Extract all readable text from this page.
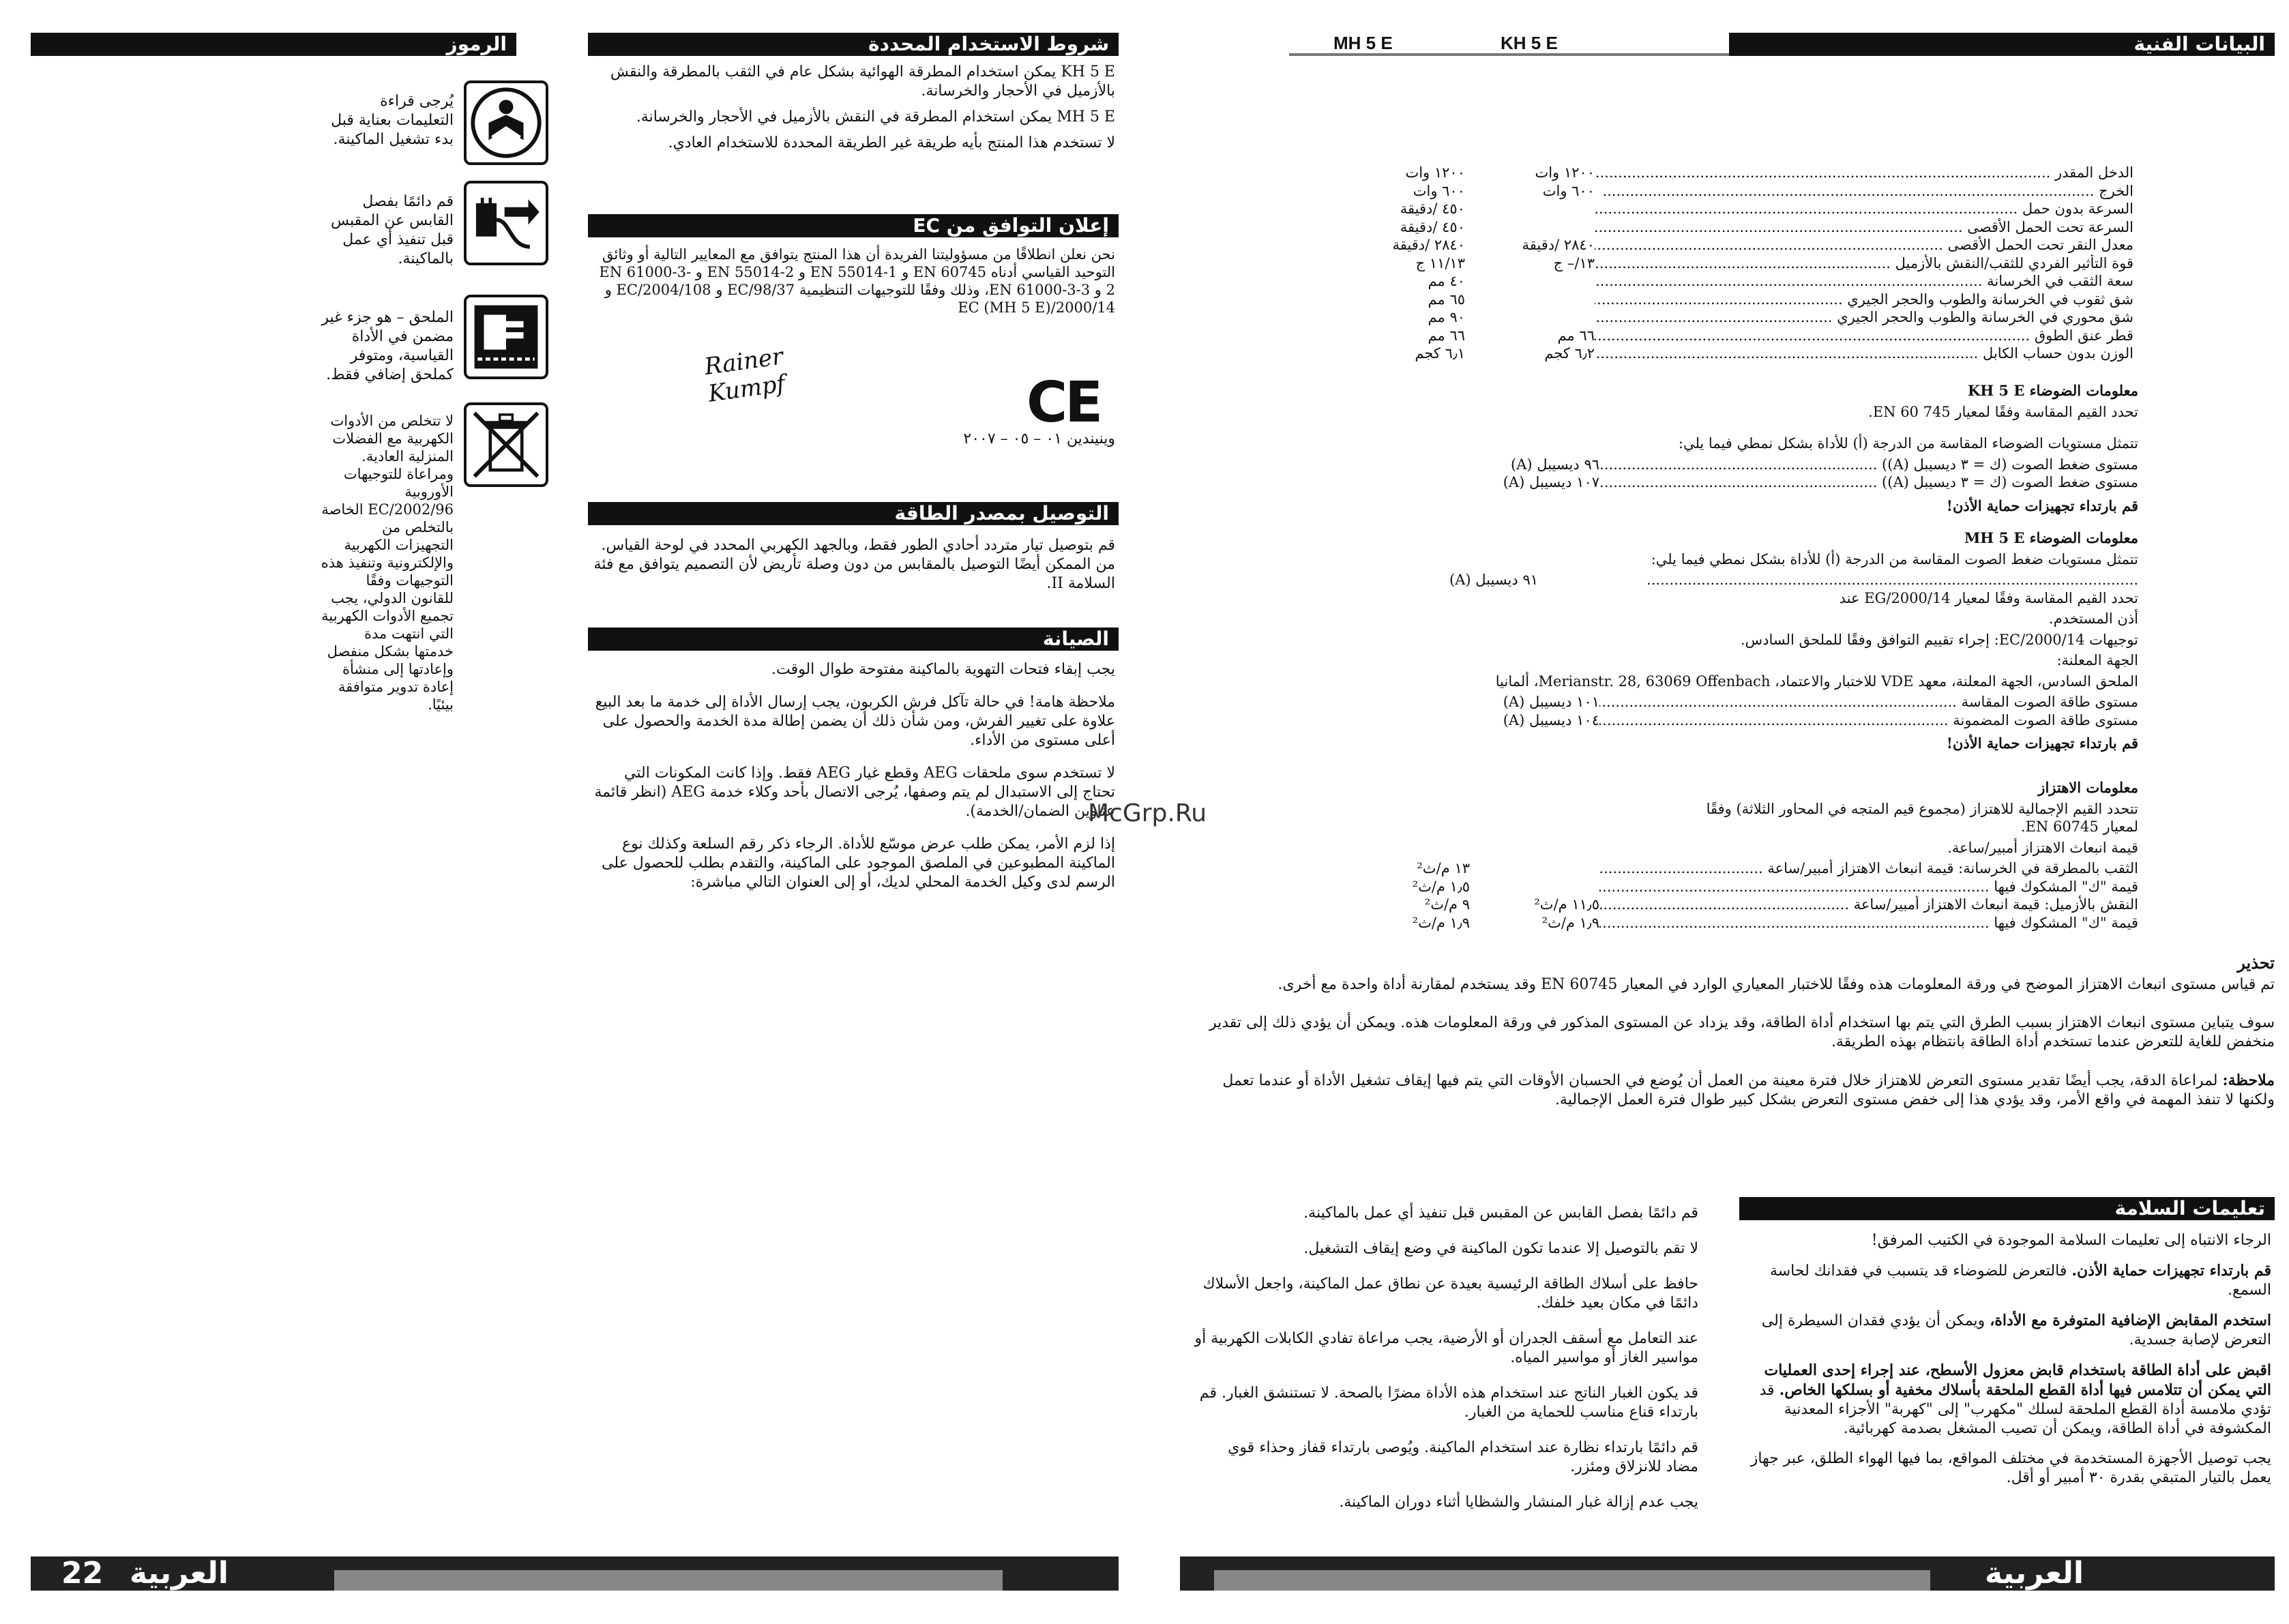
الرموز
يُرجى قراءة التعليمات بعناية قبل بدء تشغيل الماكينة.
قم دائمًا بفصل القابس عن المقبس قبل تنفيذ أي عمل بالماكينة.
الملحق – هو جزء غير مضمن في الأداة القياسية، ومتوفر كملحق إضافي فقط.
لا تتخلص من الأدوات الكهربية مع الفضلات المنزلية العادية. ومراعاة للتوجيهات الأوروبية 2002/96/EC الخاصة بالتخلص من التجهيزات الكهربية والإلكترونية وتنفيذ هذه التوجيهات وفقًا للقانون الدولي، يجب تجميع الأدوات الكهربية التي انتهت مدة خدمتها بشكل منفصل وإعادتها إلى منشأة إعادة تدوير متوافقة بيئيًا.
شروط الاستخدام المحددة

KH 5 E يمكن استخدام المطرقة الهوائية بشكل عام في الثقب بالمطرقة والنقش بالأزميل في الأحجار والخرسانة.

MH 5 E يمكن استخدام المطرقة في النقش بالأزميل في الأحجار والخرسانة.

لا تستخدم هذا المنتج بأيه طريقة غير الطريقة المحددة للاستخدام العادي.

إعلان التوافق من EC
نحن نعلن انطلاقًا من مسؤوليتنا الفريدة أن هذا المنتج يتوافق مع المعايير التالية أو وثائق التوحيد القياسي أدناه EN 60745 و EN 55014-1 و EN 55014-2 و EN 61000-3-2 و EN 61000-3-3، وذلك وفقًا للتوجيهات التنظيمية 98/37/EC و 2004/108/EC و 2000/14/EC (MH 5 E)
Rainer Kumpf	CE
وينيندين ٠١ – ٠٥ – ٢٠٠٧
التوصيل بمصدر الطاقة
قم بتوصيل تيار متردد أحادي الطور فقط، وبالجهد الكهربي المحدد في لوحة القياس. من الممكن أيضًا التوصيل بالمقابس من دون وصلة تأريض لأن التصميم يتوافق مع فئة السلامة II.
الصيانة

يجب إبقاء فتحات التهوية بالماكينة مفتوحة طوال الوقت.

ملاحظة هامة! في حالة تآكل فرش الكربون، يجب إرسال الأداة إلى خدمة ما بعد البيع علاوة على تغيير الفرش، ومن شأن ذلك أن يضمن إطالة مدة الخدمة والحصول على أعلى مستوى من الأداء.

لا تستخدم سوى ملحقات AEG وقطع غيار AEG فقط. وإذا كانت المكونات التي تحتاج إلى الاستبدال لم يتم وصفها، يُرجى الاتصال بأحد وكلاء خدمة AEG (انظر قائمة عناوين الضمان/الخدمة).

إذا لزم الأمر، يمكن طلب عرض موسّع للأداة. الرجاء ذكر رقم السلعة وكذلك نوع الماكينة المطبوعين في الملصق الموجود على الماكينة، والتقدم بطلب للحصول على الرسم لدى وكيل الخدمة المحلي لديك، أو إلى العنوان التالي مباشرة:

22 العربية
McGrp.Ru
البيانات الفنية
KH 5 E
MH 5 E
الدخل المقدر .....
١٢٠٠ وات
١٢٠٠ وات
الخرج .....
٦٠٠ وات
٦٠٠ وات
السرعة بدون حمل .....
٤٥٠ /دقيقة
السرعة تحت الحمل الأقصى .....
٤٥٠ /دقيقة
معدل النقر تحت الحمل الأقصى .....
٢٨٤٠ /دقيقة
٢٨٤٠ /دقيقة
قوة التأثير الفردي للثقب/النقش بالأزميل .....
١٣/– ج
١١/١٣ ج
سعة الثقب في الخرسانة .....
٤٠ مم
شق ثقوب في الخرسانة والطوب والحجر الجيري .....
٦٥ مم
شق محوري في الخرسانة والطوب والحجر الجيري .....
٩٠ مم
قطر عنق الطوق .....
٦٦ مم
٦٦ مم
الوزن بدون حساب الكابل .....
٦٫٢ كجم
٦٫١ كجم

معلومات الضوضاء KH 5 E

تحدد القيم المقاسة وفقًا لمعيار EN 60 745.

تتمثل مستويات الضوضاء المقاسة من الدرجة (أ) للأداة بشكل نمطي فيما يلي:

مستوى ضغط الصوت (ك = ٣ ديسيبل (A)) .....
٩٦ ديسيبل (A)
مستوى ضغط الصوت (ك = ٣ ديسيبل (A)) .....
١٠٧ ديسيبل (A)

قم بارتداء تجهيزات حماية الأذن!

معلومات الضوضاء MH 5 E

تتمثل مستويات ضغط الصوت المقاسة من الدرجة (أ) للأداة بشكل نمطي فيما يلي:

.....
٩١ ديسيبل (A)

تحدد القيم المقاسة وفقًا لمعيار 2000/14/EG عند

أذن المستخدم.

توجيهات 2000/14/EC: إجراء تقييم التوافق وفقًا للملحق السادس.

الجهة المعلنة:

الملحق السادس، الجهة المعلنة، معهد VDE للاختبار والاعتماد، Merianstr. 28, 63069 Offenbach، ألمانيا

مستوى طاقة الصوت المقاسة .....
١٠١ ديسيبل (A)
مستوى طاقة الصوت المضمونة .....
١٠٤ ديسيبل (A)

قم بارتداء تجهيزات حماية الأذن!

معلومات الاهتزاز

تتحدد القيم الإجمالية للاهتزاز (مجموع قيم المتجه في المحاور الثلاثة) وفقًا لمعيار EN 60745.

قيمة انبعاث الاهتزاز أمبير/ساعة.

الثقب بالمطرقة في الخرسانة: قيمة انبعاث الاهتزاز أمبير/ساعة .....
١٣ م/ث²
قيمة "ك" المشكوك فيها .....
١٫٥ م/ث²
النقش بالأزميل: قيمة انبعاث الاهتزاز أمبير/ساعة .....
١١٫٥ م/ث²
٩ م/ث²
قيمة "ك" المشكوك فيها .....
١٫٩ م/ث²
١٫٩ م/ث²

تحذير

تم قياس مستوى انبعاث الاهتزاز الموضح في ورقة المعلومات هذه وفقًا للاختبار المعياري الوارد في المعيار EN 60745 وقد يستخدم لمقارنة أداة واحدة مع أخرى.

سوف يتباين مستوى انبعاث الاهتزاز بسبب الطرق التي يتم بها استخدام أداة الطاقة، وقد يزداد عن المستوى المذكور في ورقة المعلومات هذه. ويمكن أن يؤدي ذلك إلى تقدير منخفض للغاية للتعرض عندما تستخدم أداة الطاقة بانتظام بهذه الطريقة.

ملاحظة: لمراعاة الدقة، يجب أيضًا تقدير مستوى التعرض للاهتزاز خلال فترة معينة من العمل أن يُوضع في الحسبان الأوقات التي يتم فيها إيقاف تشغيل الأداة أو عندما تعمل ولكنها لا تنفذ المهمة في واقع الأمر، وقد يؤدي هذا إلى خفض مستوى التعرض بشكل كبير طوال فترة العمل الإجمالية.

تعليمات السلامة

الرجاء الانتباه إلى تعليمات السلامة الموجودة في الكتيب المرفق!

قم بارتداء تجهيزات حماية الأذن. فالتعرض للضوضاء قد يتسبب في فقدانك لحاسة السمع.

استخدم المقابض الإضافية المتوفرة مع الأداة، ويمكن أن يؤدي فقدان السيطرة إلى التعرض لإصابة جسدية.

اقبض على أداة الطاقة باستخدام قابض معزول الأسطح، عند إجراء إحدى العمليات التي يمكن أن تتلامس فيها أداة القطع الملحقة بأسلاك مخفية أو بسلكها الخاص. قد تؤدي ملامسة أداة القطع الملحقة لسلك "مكهرب" إلى "كهربة" الأجزاء المعدنية المكشوفة في أداة الطاقة، ويمكن أن تصيب المشغل بصدمة كهربائية.

يجب توصيل الأجهزة المستخدمة في مختلف المواقع، بما فيها الهواء الطلق، عبر جهاز يعمل بالتيار المتبقي بقدرة ٣٠ أمبير أو أقل.

قم دائمًا بفصل القابس عن المقبس قبل تنفيذ أي عمل بالماكينة.

لا تقم بالتوصيل إلا عندما تكون الماكينة في وضع إيقاف التشغيل.

حافظ على أسلاك الطاقة الرئيسية بعيدة عن نطاق عمل الماكينة، واجعل الأسلاك دائمًا في مكان بعيد خلفك.

عند التعامل مع أسقف الجدران أو الأرضية، يجب مراعاة تفادي الكابلات الكهربية أو مواسير الغاز أو مواسير المياه.

قد يكون الغبار الناتج عند استخدام هذه الأداة مضرًا بالصحة. لا تستنشق الغبار. قم بارتداء قناع مناسب للحماية من الغبار.

قم دائمًا بارتداء نظارة عند استخدام الماكينة. ويُوصى بارتداء قفاز وحذاء قوي مضاد للانزلاق ومئزر.

يجب عدم إزالة غبار المنشار والشظايا أثناء دوران الماكينة.

العربية
